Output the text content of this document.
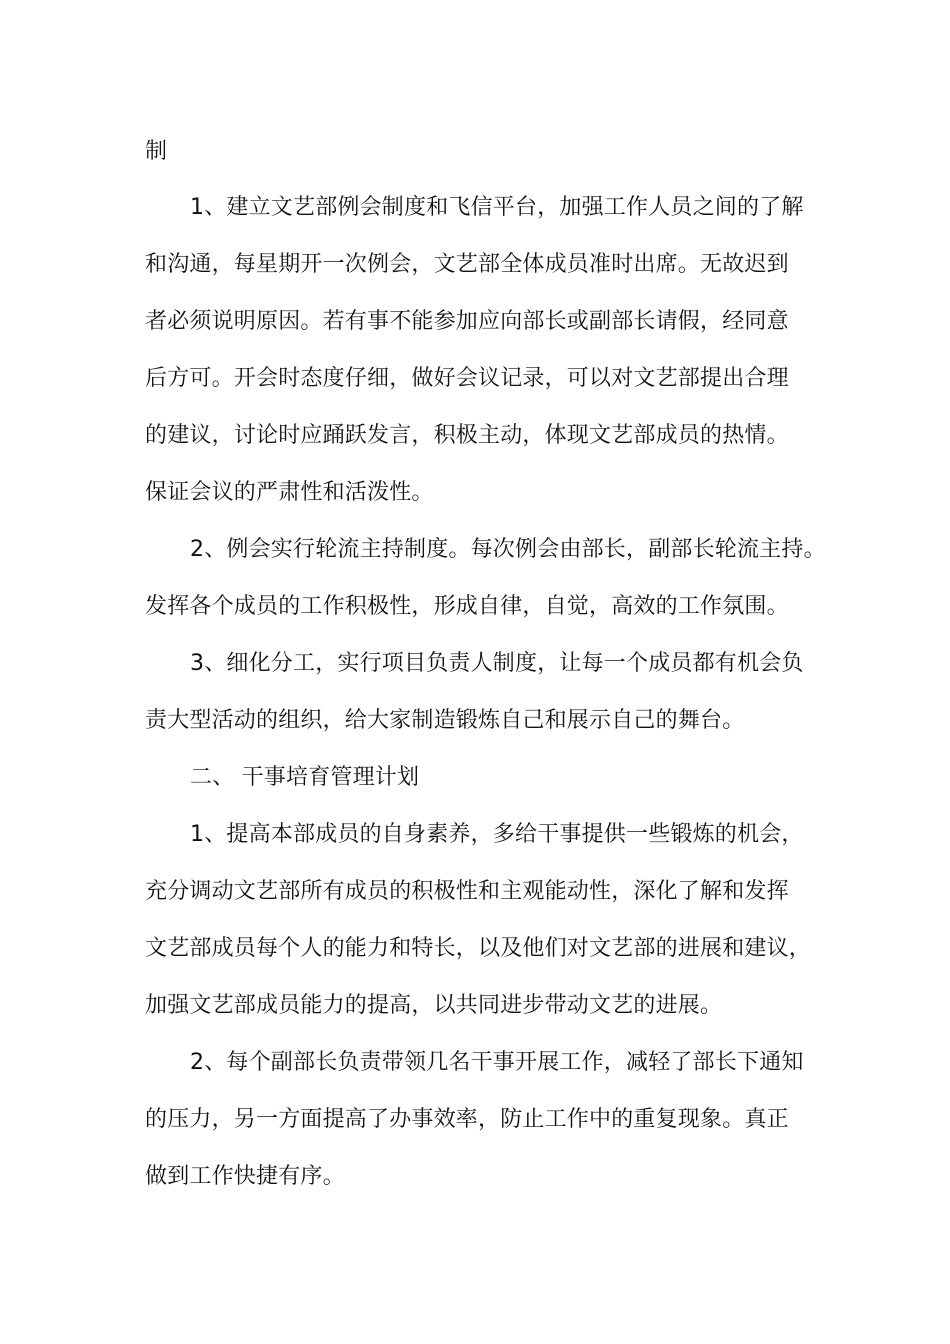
制
1、建立文艺部例会制度和飞信平台，加强工作人员之间的了解
和沟通，每星期开一次例会，文艺部全体成员准时出席。无故迟到
者必须说明原因。若有事不能参加应向部长或副部长请假，经同意
后方可。开会时态度仔细，做好会议记录，可以对文艺部提出合理
的建议，讨论时应踊跃发言，积极主动，体现文艺部成员的热情。
保证会议的严肃性和活泼性。
2、例会实行轮流主持制度。每次例会由部长，副部长轮流主持。
发挥各个成员的工作积极性，形成自律，自觉，高效的工作氛围。
3、细化分工，实行项目负责人制度，让每一个成员都有机会负
责大型活动的组织，给大家制造锻炼自己和展示自己的舞台。
二、 干事培育管理计划
1、提高本部成员的自身素养，多给干事提供一些锻炼的机会，
充分调动文艺部所有成员的积极性和主观能动性，深化了解和发挥
文艺部成员每个人的能力和特长，以及他们对文艺部的进展和建议，
加强文艺部成员能力的提高，以共同进步带动文艺的进展。
2、每个副部长负责带领几名干事开展工作，减轻了部长下通知
的压力，另一方面提高了办事效率，防止工作中的重复现象。真正
做到工作快捷有序。
